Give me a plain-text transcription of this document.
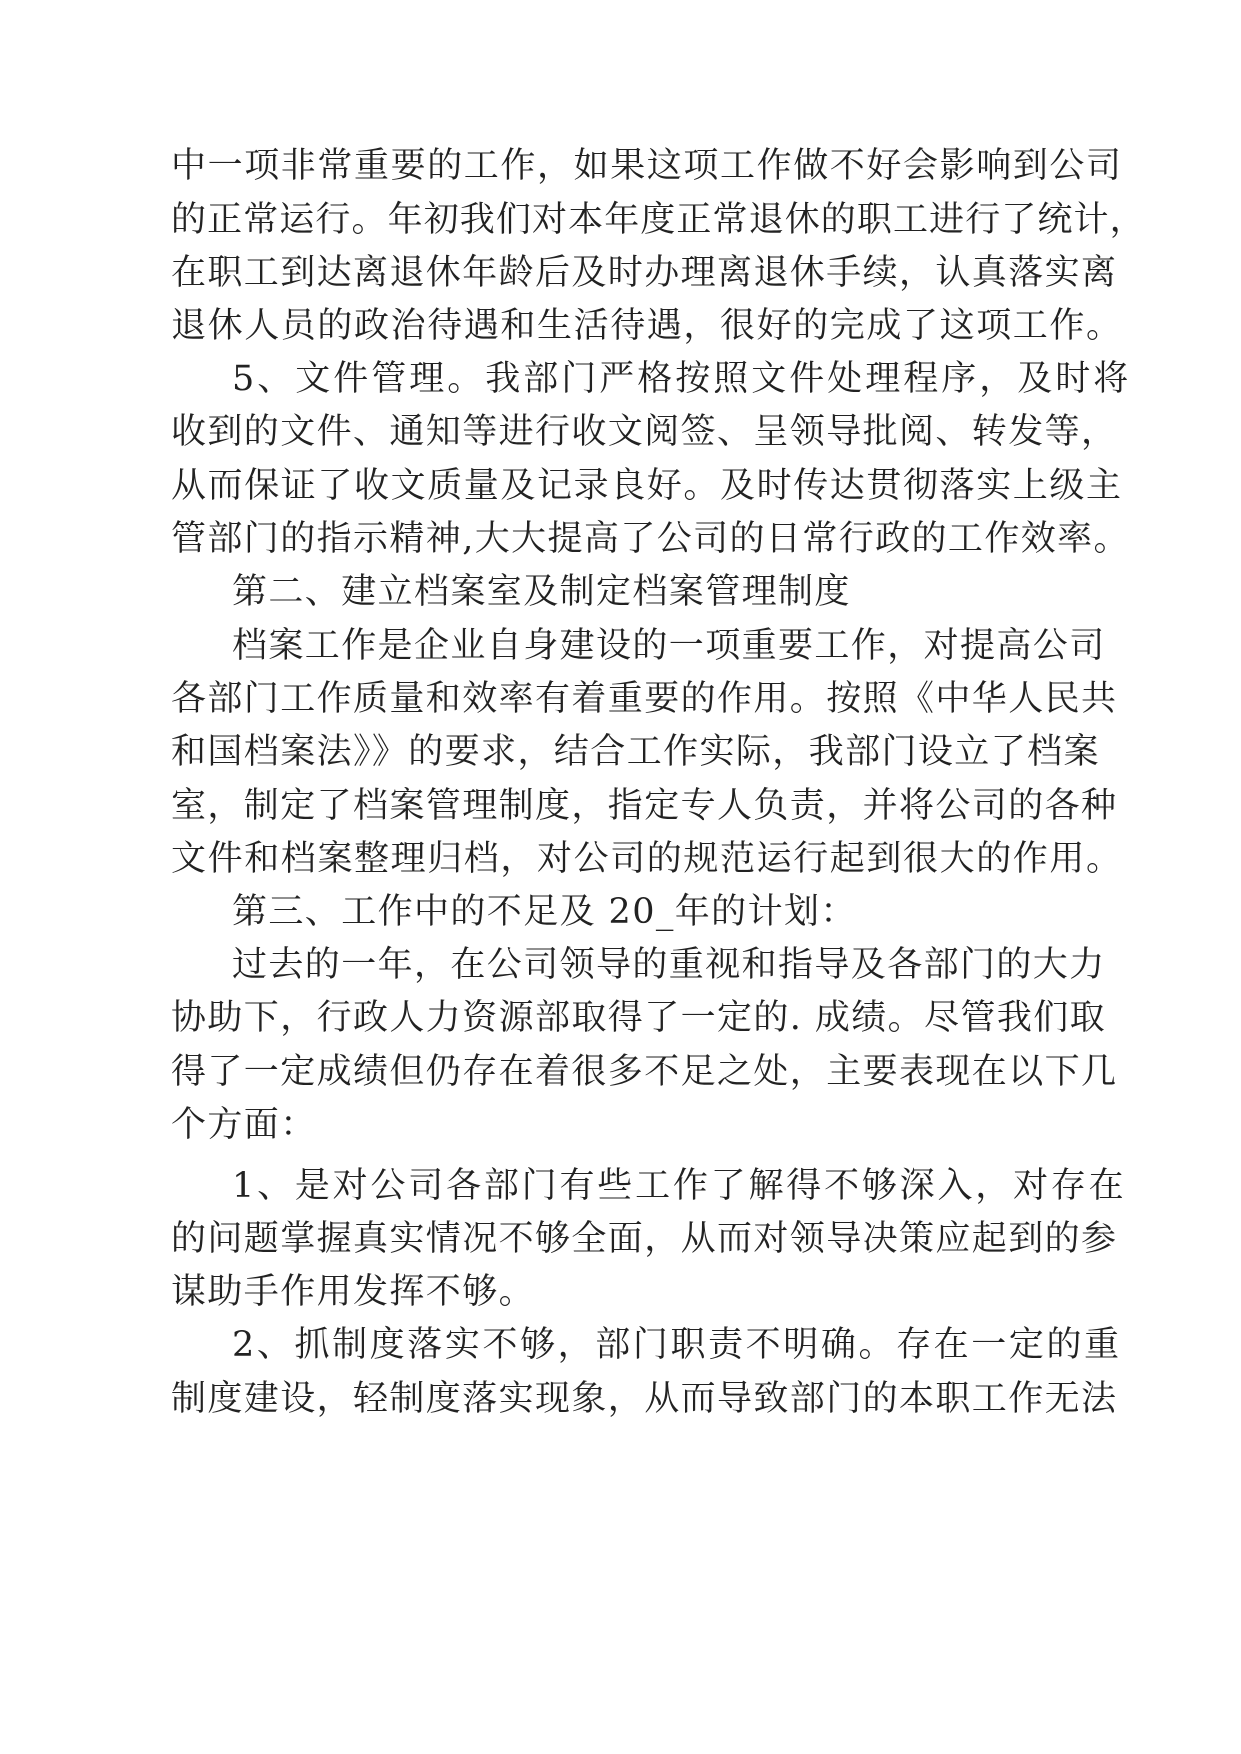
中一项非常重要的工作，如果这项工作做不好会影响到公司
的正常运行。年初我们对本年度正常退休的职工进行了统计，
在职工到达离退休年龄后及时办理离退休手续，认真落实离
退休人员的政治待遇和生活待遇，很好的完成了这项工作。
5、文件管理。我部门严格按照文件处理程序，及时将
收到的文件、通知等进行收文阅签、呈领导批阅、转发等，
从而保证了收文质量及记录良好。及时传达贯彻落实上级主
管部门的指示精神,大大提高了公司的日常行政的工作效率。
第二、建立档案室及制定档案管理制度
档案工作是企业自身建设的一项重要工作，对提高公司
各部门工作质量和效率有着重要的作用。按照《中华人民共
和国档案法》》的要求，结合工作实际，我部门设立了档案
室，制定了档案管理制度，指定专人负责，并将公司的各种
文件和档案整理归档，对公司的规范运行起到很大的作用。
第三、工作中的不足及 20_年的计划：
过去的一年，在公司领导的重视和指导及各部门的大力
协助下，行政人力资源部取得了一定的. 成绩。尽管我们取
得了一定成绩但仍存在着很多不足之处，主要表现在以下几
个方面：
1、是对公司各部门有些工作了解得不够深入，对存在
的问题掌握真实情况不够全面，从而对领导决策应起到的参
谋助手作用发挥不够。
2、抓制度落实不够，部门职责不明确。存在一定的重
制度建设，轻制度落实现象，从而导致部门的本职工作无法
